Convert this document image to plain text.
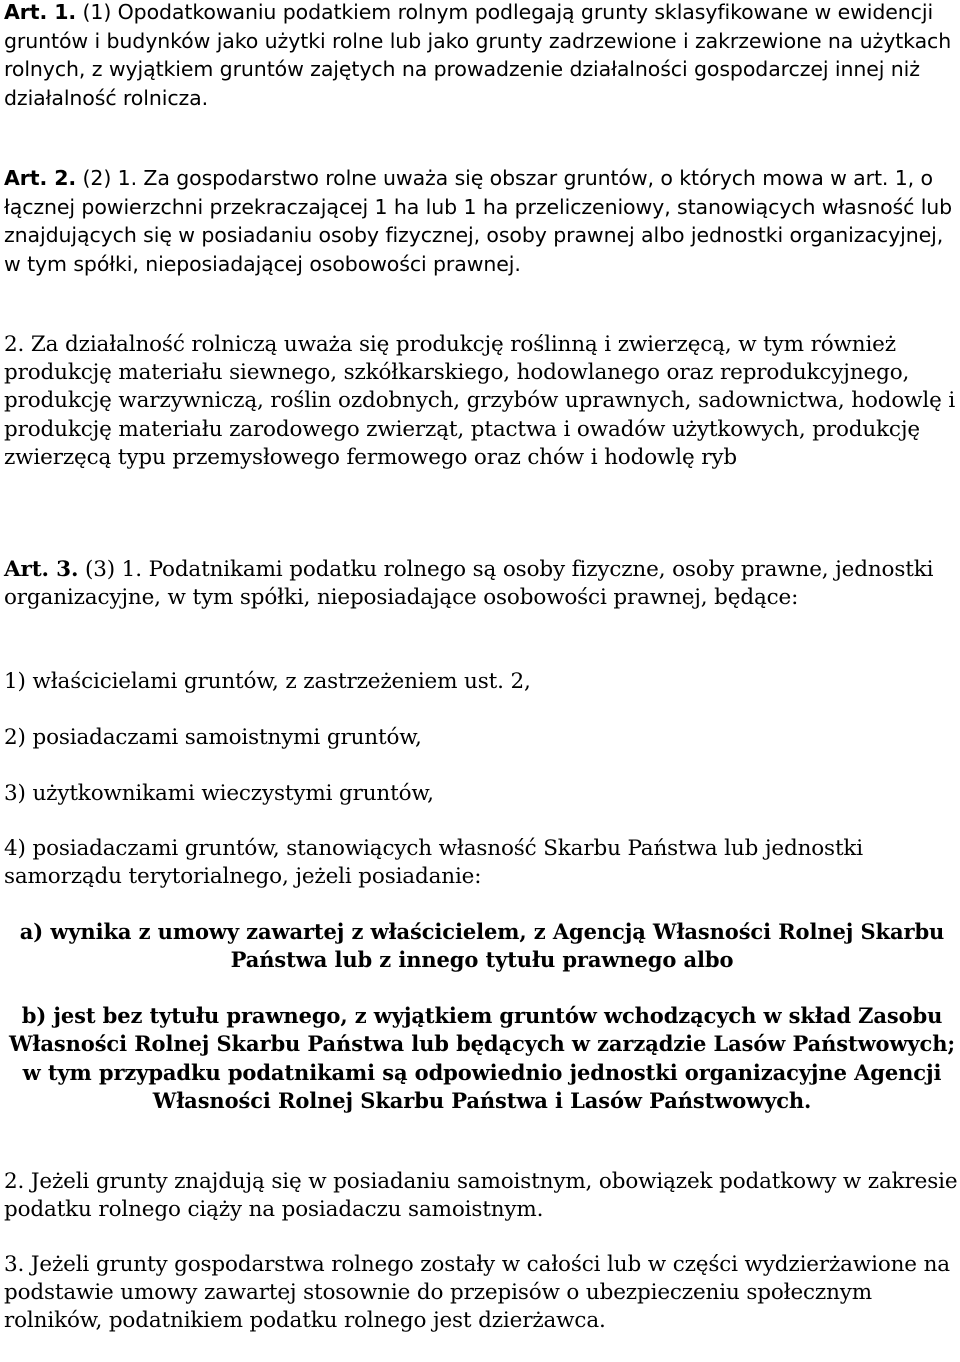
Art. 1. (1) Opodatkowaniu podatkiem rolnym podlegają grunty sklasyfikowane w ewidencji gruntów i budynków jako użytki rolne lub jako grunty zadrzewione i zakrzewione na użytkach rolnych, z wyjątkiem gruntów zajętych na prowadzenie działalności gospodarczej innej niż działalność rolnicza.

Art. 2. (2) 1. Za gospodarstwo rolne uważa się obszar gruntów, o których mowa w art. 1, o łącznej powierzchni przekraczającej 1 ha lub 1 ha przeliczeniowy, stanowiących własność lub znajdujących się w posiadaniu osoby fizycznej, osoby prawnej albo jednostki organizacyjnej, w tym spółki, nieposiadającej osobowości prawnej.

2. Za działalność rolniczą uważa się produkcję roślinną i zwierzęcą, w tym również produkcję materiału siewnego, szkółkarskiego, hodowlanego oraz reprodukcyjnego, produkcję warzywniczą, roślin ozdobnych, grzybów uprawnych, sadownictwa, hodowlę i produkcję materiału zarodowego zwierząt, ptactwa i owadów użytkowych, produkcję zwierzęcą typu przemysłowego fermowego oraz chów i hodowlę ryb

Art. 3. (3) 1. Podatnikami podatku rolnego są osoby fizyczne, osoby prawne, jednostki organizacyjne, w tym spółki, nieposiadające osobowości prawnej, będące:

1) właścicielami gruntów, z zastrzeżeniem ust. 2,

2) posiadaczami samoistnymi gruntów,

3) użytkownikami wieczystymi gruntów,

4) posiadaczami gruntów, stanowiących własność Skarbu Państwa lub jednostki samorządu terytorialnego, jeżeli posiadanie:

a) wynika z umowy zawartej z właścicielem, z Agencją Własności Rolnej Skarbu Państwa lub z innego tytułu prawnego albo

b) jest bez tytułu prawnego, z wyjątkiem gruntów wchodzących w skład Zasobu Własności Rolnej Skarbu Państwa lub będących w zarządzie Lasów Państwowych; w tym przypadku podatnikami są odpowiednio jednostki organizacyjne Agencji Własności Rolnej Skarbu Państwa i Lasów Państwowych.

2. Jeżeli grunty znajdują się w posiadaniu samoistnym, obowiązek podatkowy w zakresie podatku rolnego ciąży na posiadaczu samoistnym.

3. Jeżeli grunty gospodarstwa rolnego zostały w całości lub w części wydzierżawione na podstawie umowy zawartej stosownie do przepisów o ubezpieczeniu społecznym rolników, podatnikiem podatku rolnego jest dzierżawca.
